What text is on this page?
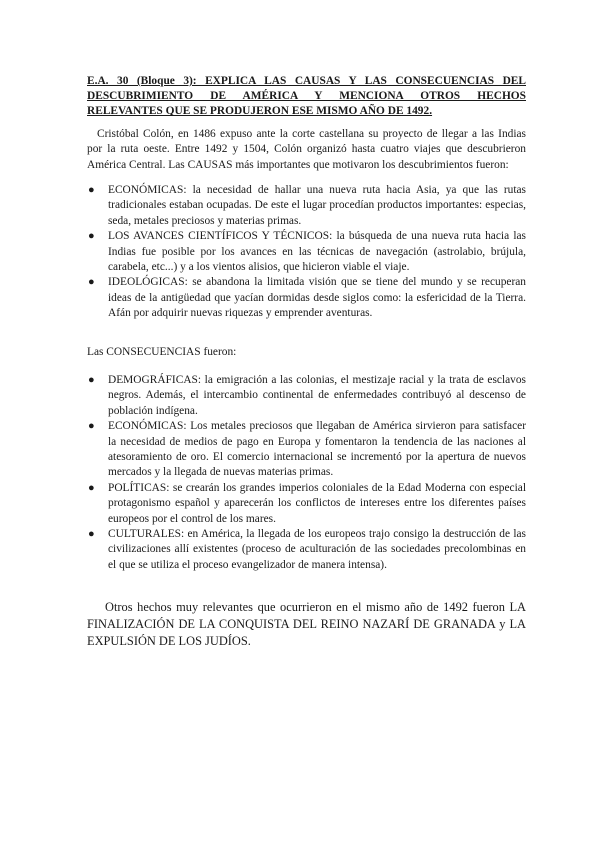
E.A. 30 (Bloque 3): EXPLICA LAS CAUSAS Y LAS CONSECUENCIAS DEL
DESCUBRIMIENTO DE AMÉRICA Y MENCIONA OTROS HECHOS
RELEVANTES QUE SE PRODUJERON ESE MISMO AÑO DE 1492.
Cristóbal Colón, en 1486 expuso ante la corte castellana su proyecto de llegar a las Indias
por la ruta oeste. Entre 1492 y 1504, Colón organizó hasta cuatro viajes que descubrieron
América Central. Las CAUSAS más importantes que motivaron los descubrimientos fueron:
● ECONÓMICAS: la necesidad de hallar una nueva ruta hacia Asia, ya que las rutas tradicionales estaban ocupadas. De este el lugar procedían productos importantes: especias, seda, metales preciosos y materias primas.
● LOS AVANCES CIENTÍFICOS Y TÉCNICOS: la búsqueda de una nueva ruta hacia las Indias fue posible por los avances en las técnicas de navegación (astrolabio, brújula, carabela, etc...) y a los vientos alisios, que hicieron viable el viaje.
● IDEOLÓGICAS: se abandona la limitada visión que se tiene del mundo y se recuperan ideas de la antigüedad que yacían dormidas desde siglos como: la esfericidad de la Tierra. Afán por adquirir nuevas riquezas y emprender aventuras.
Las CONSECUENCIAS fueron:
● DEMOGRÁFICAS: la emigración a las colonias, el mestizaje racial y la trata de esclavos negros. Además, el intercambio continental de enfermedades contribuyó al descenso de población indígena.
● ECONÓMICAS: Los metales preciosos que llegaban de América sirvieron para satisfacer la necesidad de medios de pago en Europa y fomentaron la tendencia de las naciones al atesoramiento de oro. El comercio internacional se incrementó por la apertura de nuevos mercados y la llegada de nuevas materias primas.
● POLÍTICAS: se crearán los grandes imperios coloniales de la Edad Moderna con especial protagonismo español y aparecerán los conflictos de intereses entre los diferentes países europeos por el control de los mares.
● CULTURALES: en América, la llegada de los europeos trajo consigo la destrucción de las civilizaciones allí existentes (proceso de aculturación de las sociedades precolombinas en el que se utiliza el proceso evangelizador de manera intensa).
Otros hechos muy relevantes que ocurrieron en el mismo año de 1492 fueron LA
FINALIZACIÓN DE LA CONQUISTA DEL REINO NAZARÍ DE GRANADA y LA
EXPULSIÓN DE LOS JUDÍOS.
